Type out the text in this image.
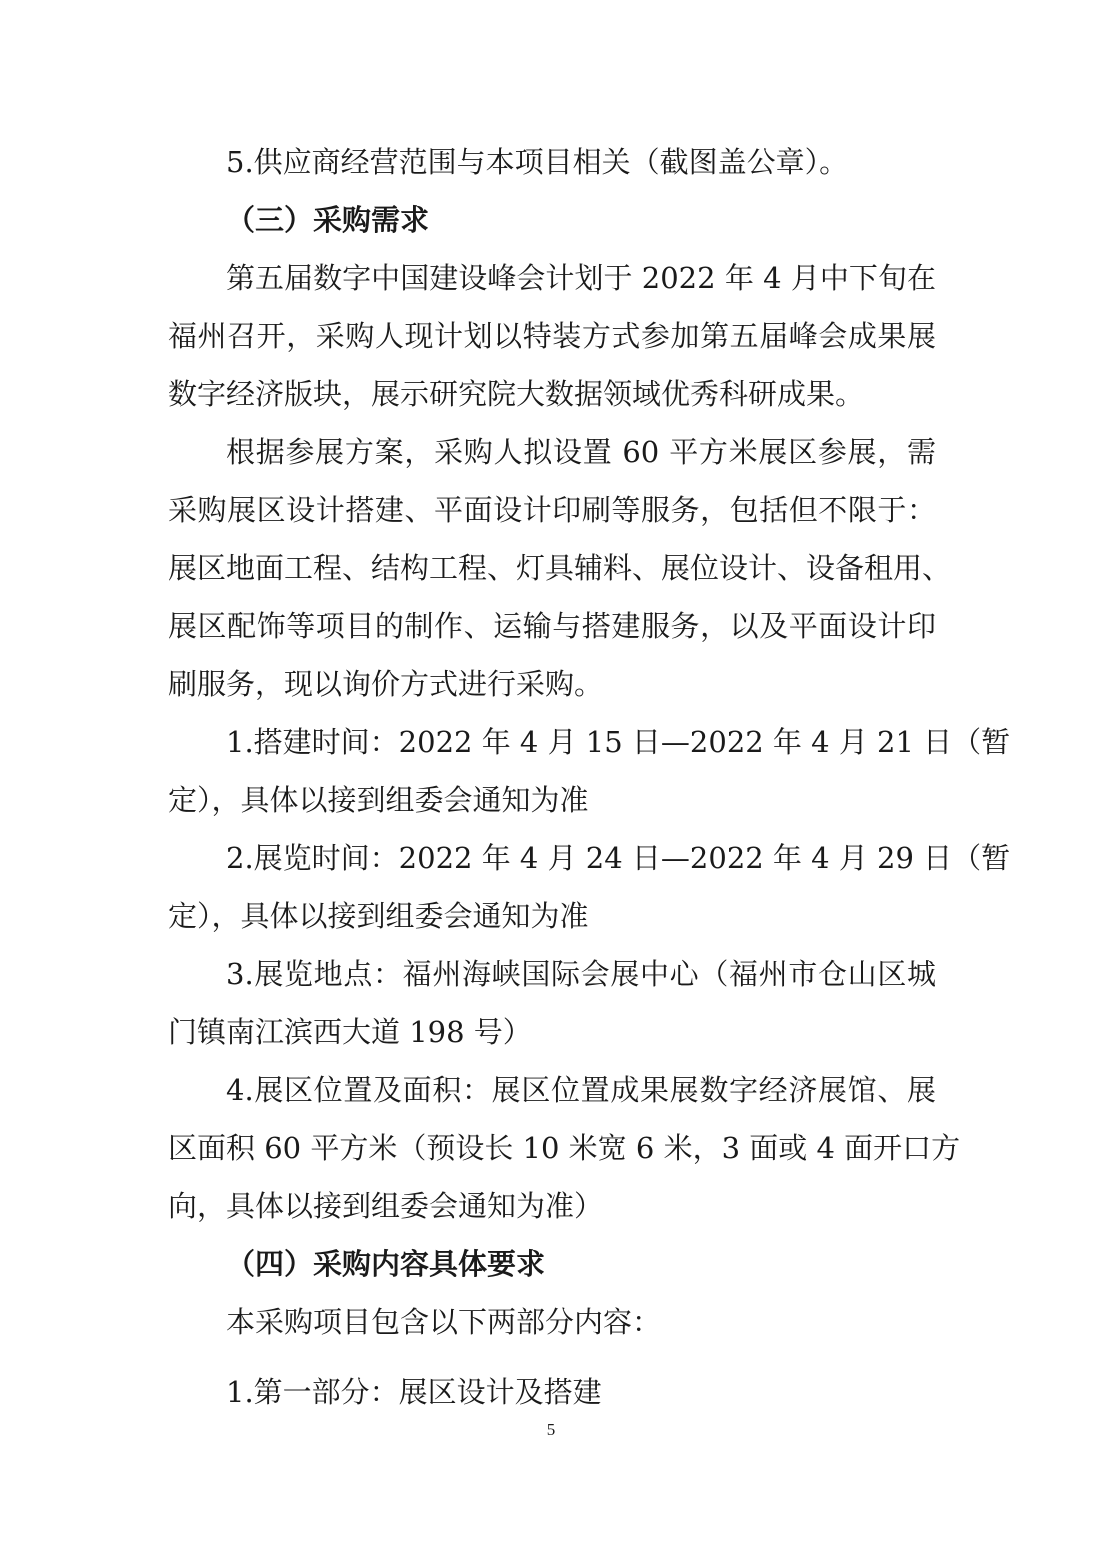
5.供应商经营范围与本项目相关（截图盖公章）。
（三）采购需求
第五届数字中国建设峰会计划于 2022 年 4 月中下旬在
福州召开，采购人现计划以特装方式参加第五届峰会成果展
数字经济版块，展示研究院大数据领域优秀科研成果。
根据参展方案，采购人拟设置 60 平方米展区参展，需
采购展区设计搭建、平面设计印刷等服务，包括但不限于：
展区地面工程、结构工程、灯具辅料、展位设计、设备租用、
展区配饰等项目的制作、运输与搭建服务，以及平面设计印
刷服务，现以询价方式进行采购。
1.搭建时间：2022 年 4 月 15 日—2022 年 4 月 21 日（暂
定），具体以接到组委会通知为准
2.展览时间：2022 年 4 月 24 日—2022 年 4 月 29 日（暂
定），具体以接到组委会通知为准
3.展览地点：福州海峡国际会展中心（福州市仓山区城
门镇南江滨西大道 198 号）
4.展区位置及面积：展区位置成果展数字经济展馆、展
区面积 60 平方米（预设长 10 米宽 6 米，3 面或 4 面开口方
向，具体以接到组委会通知为准）
（四）采购内容具体要求
本采购项目包含以下两部分内容：
1.第一部分：展区设计及搭建
5
